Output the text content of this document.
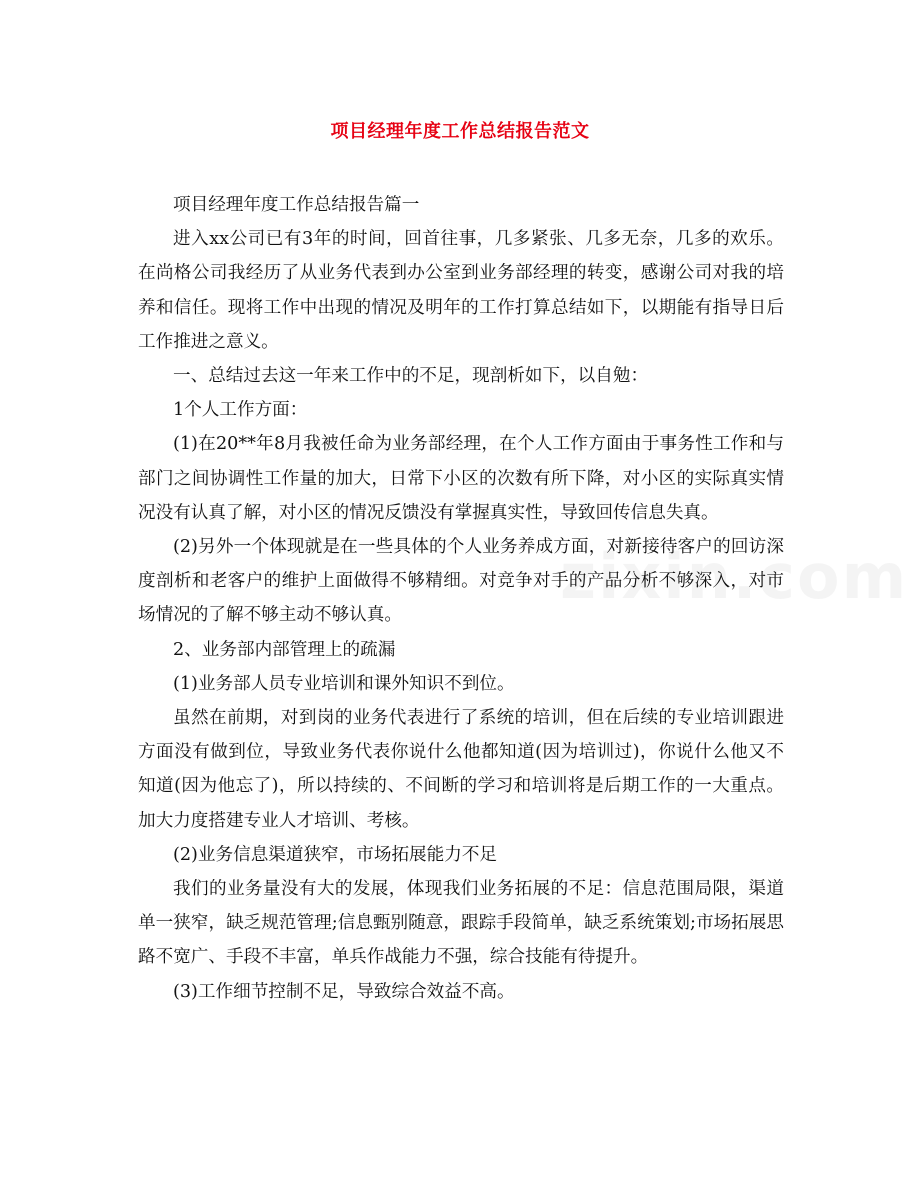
项目经理年度工作总结报告范文

项目经理年度工作总结报告篇一

进入xx公司已有3年的时间，回首往事，几多紧张、几多无奈，几多的欢乐。在尚格公司我经历了从业务代表到办公室到业务部经理的转变，感谢公司对我的培养和信任。现将工作中出现的情况及明年的工作打算总结如下，以期能有指导日后工作推进之意义。

一、总结过去这一年来工作中的不足，现剖析如下，以自勉：

1个人工作方面：

(1)在20**年8月我被任命为业务部经理，在个人工作方面由于事务性工作和与部门之间协调性工作量的加大，日常下小区的次数有所下降，对小区的实际真实情况没有认真了解，对小区的情况反馈没有掌握真实性，导致回传信息失真。

(2)另外一个体现就是在一些具体的个人业务养成方面，对新接待客户的回访深度剖析和老客户的维护上面做得不够精细。对竞争对手的产品分析不够深入，对市场情况的了解不够主动不够认真。

2、业务部内部管理上的疏漏

(1)业务部人员专业培训和课外知识不到位。

虽然在前期，对到岗的业务代表进行了系统的培训，但在后续的专业培训跟进方面没有做到位，导致业务代表你说什么他都知道(因为培训过)，你说什么他又不知道(因为他忘了)，所以持续的、不间断的学习和培训将是后期工作的一大重点。加大力度搭建专业人才培训、考核。

(2)业务信息渠道狭窄，市场拓展能力不足

我们的业务量没有大的发展，体现我们业务拓展的不足：信息范围局限，渠道单一狭窄，缺乏规范管理;信息甄别随意，跟踪手段简单，缺乏系统策划;市场拓展思路不宽广、手段不丰富，单兵作战能力不强，综合技能有待提升。

(3)工作细节控制不足，导致综合效益不高。
